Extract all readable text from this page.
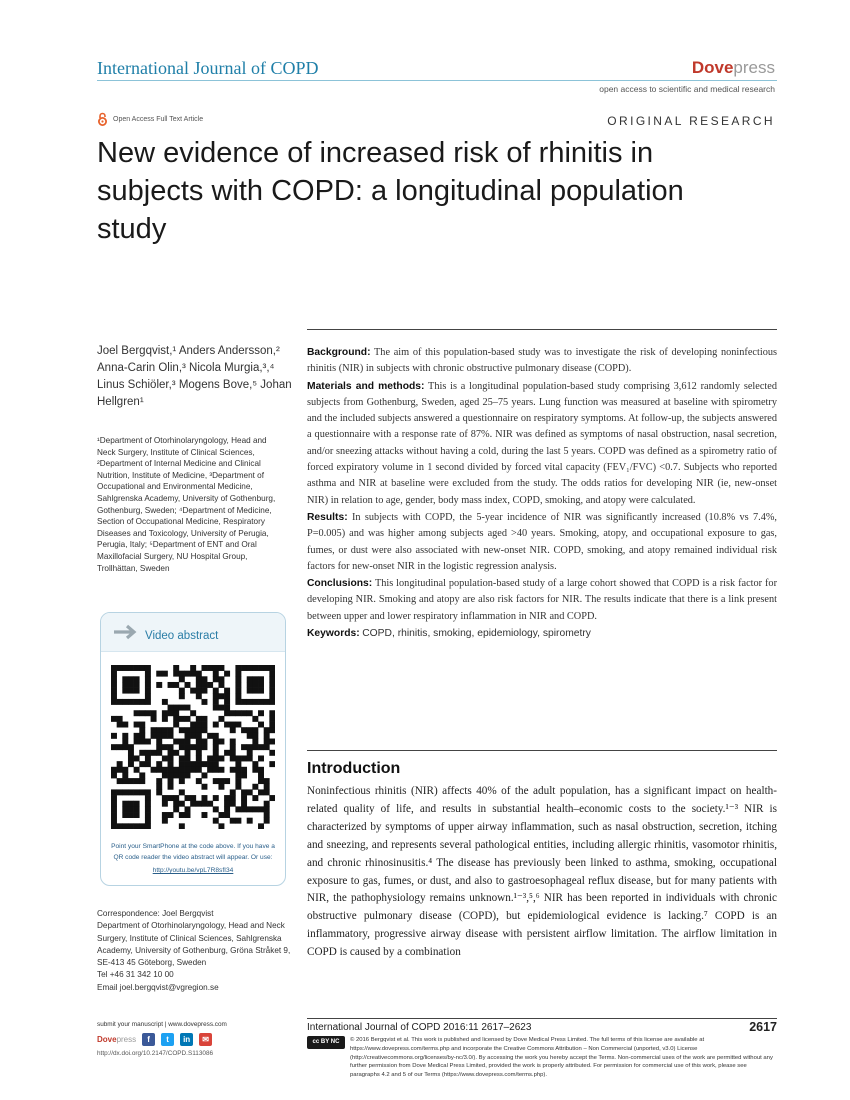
International Journal of COPD	Dovepress
open access to scientific and medical research
Open Access Full Text Article	ORIGINAL RESEARCH
New evidence of increased risk of rhinitis in subjects with COPD: a longitudinal population study
Joel Bergqvist,¹ Anders Andersson,² Anna-Carin Olin,³ Nicola Murgia,³,⁴ Linus Schiöler,³ Mogens Bove,⁵ Johan Hellgren¹
¹Department of Otorhinolaryngology, Head and Neck Surgery, Institute of Clinical Sciences, ²Department of Internal Medicine and Clinical Nutrition, Institute of Medicine, ³Department of Occupational and Environmental Medicine, Sahlgrenska Academy, University of Gothenburg, Gothenburg, Sweden; ⁴Department of Medicine, Section of Occupational Medicine, Respiratory Diseases and Toxicology, University of Perugia, Perugia, Italy; ⁵Department of ENT and Oral Maxillofacial Surgery, NU Hospital Group, Trollhättan, Sweden
Video abstract
Point your SmartPhone at the code above. If you have a QR code reader the video abstract will appear. Or use:
http://youtu.be/vpL7R8sfI34
Correspondence: Joel Bergqvist
Department of Otorhinolaryngology, Head and Neck Surgery, Institute of Clinical Sciences, Sahlgrenska Academy, University of Gothenburg, Gröna Stråket 9, SE-413 45 Göteborg, Sweden
Tel +46 31 342 10 00
Email joel.bergqvist@vgregion.se

Background: The aim of this population-based study was to investigate the risk of developing noninfectious rhinitis (NIR) in subjects with chronic obstructive pulmonary disease (COPD).

Materials and methods: This is a longitudinal population-based study comprising 3,612 randomly selected subjects from Gothenburg, Sweden, aged 25–75 years. Lung function was measured at baseline with spirometry and the included subjects answered a questionnaire on respiratory symptoms. At follow-up, the subjects answered a questionnaire with a response rate of 87%. NIR was defined as symptoms of nasal obstruction, nasal secretion, and/or sneezing attacks without having a cold, during the last 5 years. COPD was defined as a spirometry ratio of forced expiratory volume in 1 second divided by forced vital capacity (FEV₁/FVC) <0.7. Subjects who reported asthma and NIR at baseline were excluded from the study. The odds ratios for developing NIR (ie, new-onset NIR) in relation to age, gender, body mass index, COPD, smoking, and atopy were calculated.

Results: In subjects with COPD, the 5-year incidence of NIR was significantly increased (10.8% vs 7.4%, P=0.005) and was higher among subjects aged >40 years. Smoking, atopy, and occupational exposure to gas, fumes, or dust were also associated with new-onset NIR. COPD, smoking, and atopy remained individual risk factors for new-onset NIR in the logistic regression analysis.

Conclusions: This longitudinal population-based study of a large cohort showed that COPD is a risk factor for developing NIR. Smoking and atopy are also risk factors for NIR. The results indicate that there is a link present between upper and lower respiratory inflammation in NIR and COPD.

Keywords: COPD, rhinitis, smoking, epidemiology, spirometry

Introduction
Noninfectious rhinitis (NIR) affects 40% of the adult population, has a significant impact on health-related quality of life, and results in substantial health–economic costs to the society.¹⁻³ NIR is characterized by symptoms of upper airway inflammation, such as nasal obstruction, secretion, itching and sneezing, and represents several pathological entities, including allergic rhinitis, vasomotor rhinitis, and chronic rhinosinusitis.⁴ The disease has previously been linked to asthma, smoking, occupational exposure to gas, fumes, or dust, and also to gastroesophageal reflux disease, but for many patients with NIR, the pathophysiology remains unknown.¹⁻³,⁵,⁶ NIR has been reported in individuals with chronic obstructive pulmonary disease (COPD), but epidemiological evidence is lacking.⁷ COPD is an inflammatory, progressive airway disease with persistent airflow limitation. The airflow limitation in COPD is caused by a combination
submit your manuscript | www.dovepress.com
Dovepress	f	t	in	✉
http://dx.doi.org/10.2147/COPD.S113086
International Journal of COPD 2016:11 2617–2623	2617
cc BY NC	© 2016 Bergqvist et al. This work is published and licensed by Dove Medical Press Limited. The full terms of this license are available at https://www.dovepress.com/terms.php and incorporate the Creative Commons Attribution – Non Commercial (unported, v3.0) License (http://creativecommons.org/licenses/by-nc/3.0/). By accessing the work you hereby accept the Terms. Non-commercial uses of the work are permitted without any further permission from Dove Medical Press Limited, provided the work is properly attributed. For permission for commercial use of this work, please see paragraphs 4.2 and 5 of our Terms (https://www.dovepress.com/terms.php).
